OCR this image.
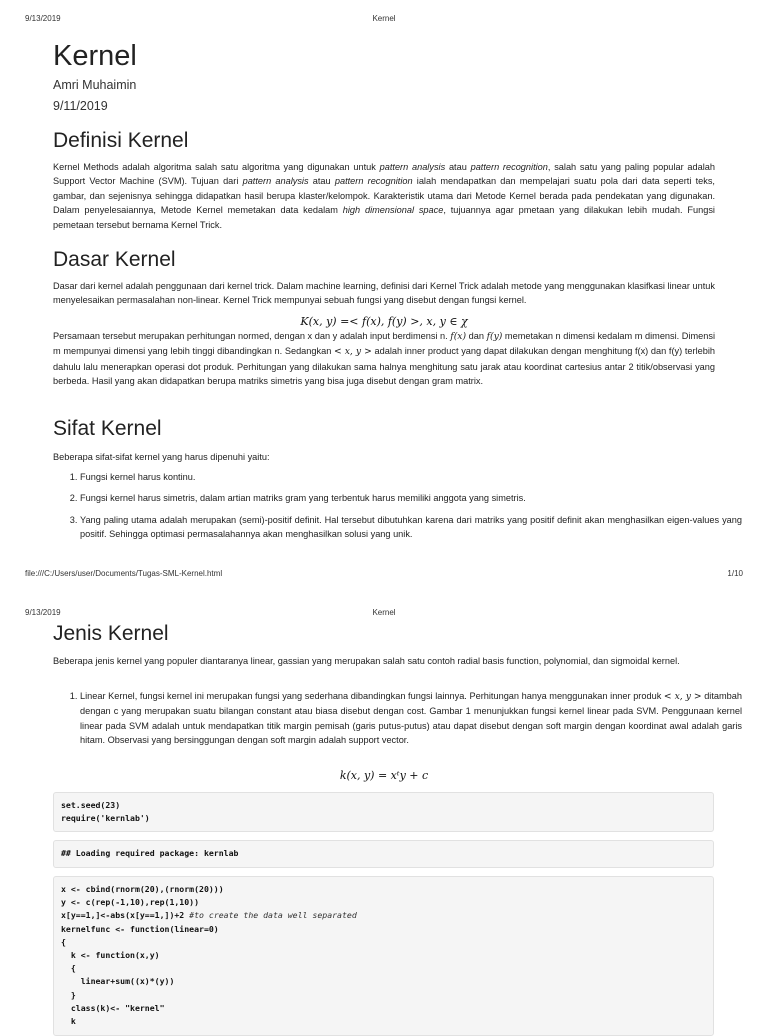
9/13/2019	Kernel
Kernel
Amri Muhaimin
9/11/2019
Definisi Kernel

Kernel Methods adalah algoritma salah satu algoritma yang digunakan untuk pattern analysis atau pattern recognition, salah satu yang paling popular adalah Support Vector Machine (SVM). Tujuan dari pattern analysis atau pattern recognition ialah mendapatkan dan mempelajari suatu pola dari data seperti teks, gambar, dan sejenisnya sehingga didapatkan hasil berupa klaster/kelompok. Karakteristik utama dari Metode Kernel berada pada pendekatan yang digunakan. Dalam penyelesaiannya, Metode Kernel memetakan data kedalam high dimensional space, tujuannya agar pmetaan yang dilakukan lebih mudah. Fungsi pemetaan tersebut bernama Kernel Trick.

Dasar Kernel

Dasar dari kernel adalah penggunaan dari kernel trick. Dalam machine learning, definisi dari Kernel Trick adalah metode yang menggunakan klasifkasi linear untuk menyelesaikan permasalahan non-linear. Kernel Trick mempunyai sebuah fungsi yang disebut dengan fungsi kernel.

K(x, y) =< f(x), f(y) >, x, y ∈ χ

Persamaan tersebut merupakan perhitungan normed, dengan x dan y adalah input berdimensi n. f(x) dan f(y) memetakan n dimensi kedalam m dimensi. Dimensi m mempunyai dimensi yang lebih tinggi dibandingkan n. Sedangkan < x, y > adalah inner product yang dapat dilakukan dengan menghitung f(x) dan f(y) terlebih dahulu lalu menerapkan operasi dot produk. Perhitungan yang dilakukan sama halnya menghitung satu jarak atau koordinat cartesius antar 2 titik/observasi yang berbeda. Hasil yang akan didapatkan berupa matriks simetris yang bisa juga disebut dengan gram matrix.

Sifat Kernel

Beberapa sifat-sifat kernel yang harus dipenuhi yaitu:

1. Fungsi kernel harus kontinu.
2. Fungsi kernel harus simetris, dalam artian matriks gram yang terbentuk harus memiliki anggota yang simetris.
3. Yang paling utama adalah merupakan (semi)-positif definit. Hal tersebut dibutuhkan karena dari matriks yang positif definit akan menghasilkan eigen-values yang positif. Sehingga optimasi permasalahannya akan menghasilkan solusi yang unik.
file:///C:/Users/user/Documents/Tugas-SML-Kernel.html	1/10
9/13/2019	Kernel
Jenis Kernel

Beberapa jenis kernel yang populer diantaranya linear, gassian yang merupakan salah satu contoh radial basis function, polynomial, dan sigmoidal kernel.

1. Linear Kernel, fungsi kernel ini merupakan fungsi yang sederhana dibandingkan fungsi lainnya. Perhitungan hanya menggunakan inner produk < x, y > ditambah dengan c yang merupakan suatu bilangan constant atau biasa disebut dengan cost. Gambar 1 menunjukkan fungsi kernel linear pada SVM. Penggunaan kernel linear pada SVM adalah untuk mendapatkan titik margin pemisah (garis putus-putus) atau dapat disebut dengan soft margin dengan koordinat awal adalah garis hitam. Observasi yang bersinggungan dengan soft margin adalah support vector.
k(x, y) = xᵗy + c
set.seed(23)
require('kernlab')
## Loading required package: kernlab
x <- cbind(rnorm(20),(rnorm(20)))
y <- c(rep(-1,10),rep(1,10))
x[y==1,]<-abs(x[y==1,])+2 #to create the data well separated
kernelfunc <- function(linear=0)
{
k <- function(x,y)
{
linear+sum((x)*(y))
}
class(k)<- "kernel"
k
